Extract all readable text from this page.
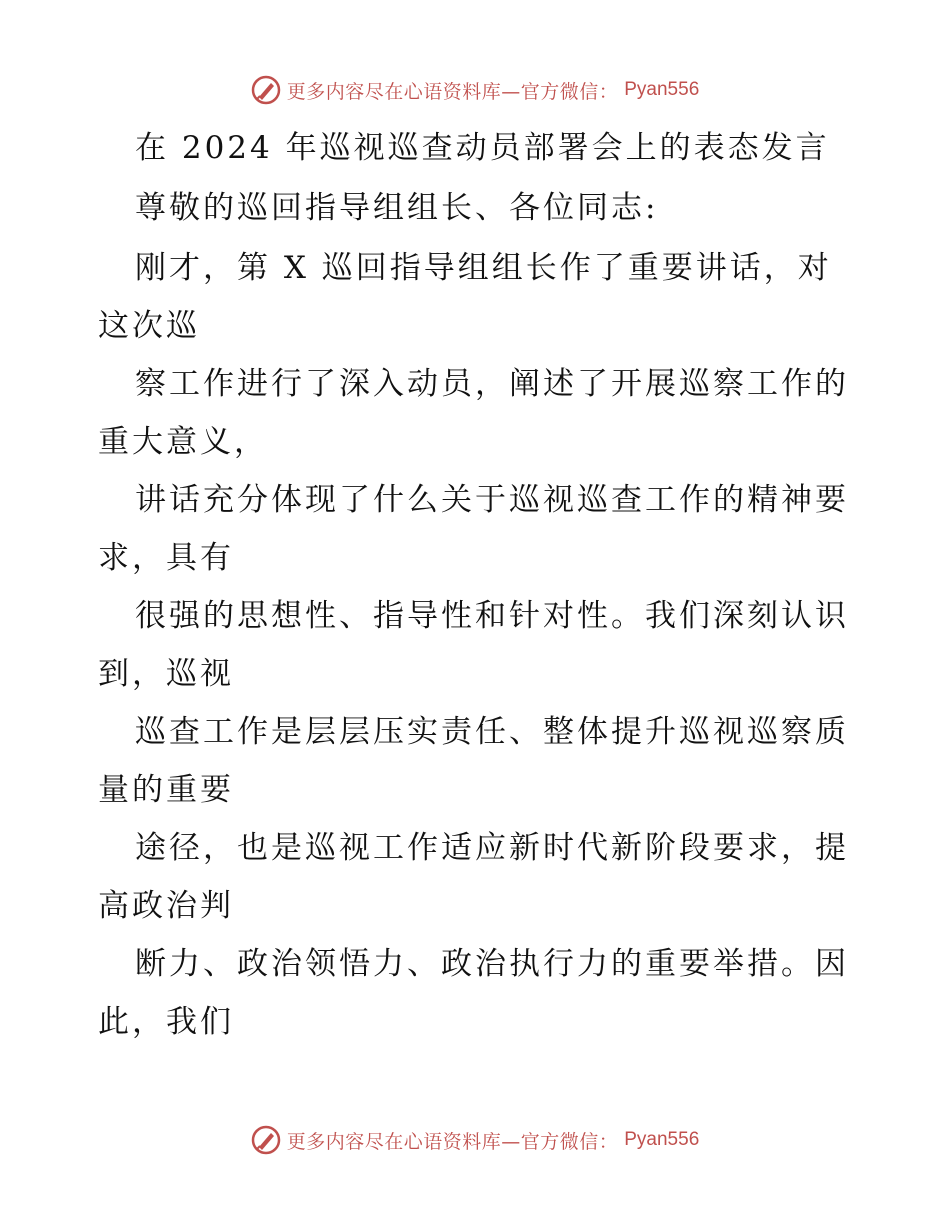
更多内容尽在心语资料库—官方微信： Pyan556
在 2024 年巡视巡查动员部署会上的表态发言
尊敬的巡回指导组组长、各位同志:
刚才，第 X 巡回指导组组长作了重要讲话，对
这次巡
察工作进行了深入动员，阐述了开展巡察工作的
重大意义，
讲话充分体现了什么关于巡视巡查工作的精神要
求，具有
很强的思想性、指导性和针对性。我们深刻认识
到，巡视
巡查工作是层层压实责任、整体提升巡视巡察质
量的重要
途径，也是巡视工作适应新时代新阶段要求，提
高政治判
断力、政治领悟力、政治执行力的重要举措。因
此，我们
更多内容尽在心语资料库—官方微信： Pyan556
